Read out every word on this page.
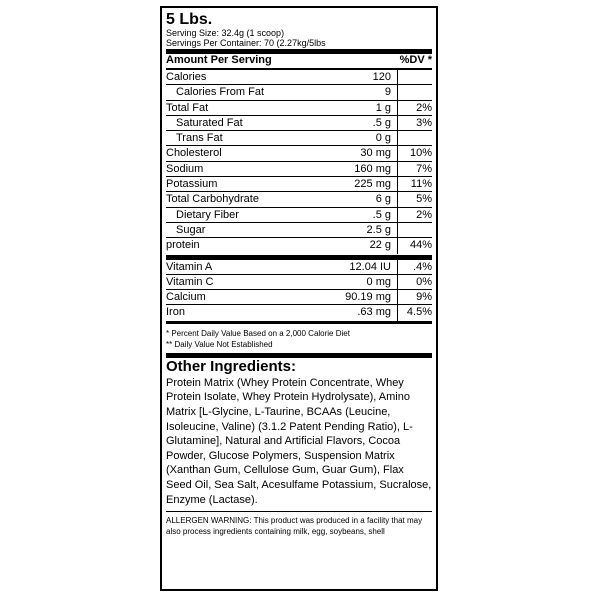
5 Lbs.
Serving Size: 32.4g (1 scoop)
Servings Per Container: 70 (2.27kg/5lbs
Amount Per Serving	%DV *
Calories	120
Calories From Fat	9
Total Fat	1 g	2%
Saturated Fat	.5 g	3%
Trans Fat	0 g
Cholesterol	30 mg	10%
Sodium	160 mg	7%
Potassium	225 mg	11%
Total Carbohydrate	6 g	5%
Dietary Fiber	.5 g	2%
Sugar	2.5 g
protein	22 g	44%
Vitamin A	12.04 IU	.4%
Vitamin C	0 mg	0%
Calcium	90.19 mg	9%
Iron	.63 mg	4.5%
* Percent Daily Value Based on a 2,000 Calorie Diet
** Daily Value Not Established
Other Ingredients:
Protein Matrix (Whey Protein Concentrate, Whey Protein Isolate, Whey Protein Hydrolysate), Amino Matrix [L-Glycine, L-Taurine, BCAAs (Leucine, Isoleucine, Valine) (3.1.2 Patent Pending Ratio), L-Glutamine], Natural and Artificial Flavors, Cocoa Powder, Glucose Polymers, Suspension Matrix (Xanthan Gum, Cellulose Gum, Guar Gum), Flax Seed Oil, Sea Salt, Acesulfame Potassium, Sucralose, Enzyme (Lactase).
ALLERGEN WARNING: This product was produced in a facility that may also process ingredients containing milk, egg, soybeans, shell
